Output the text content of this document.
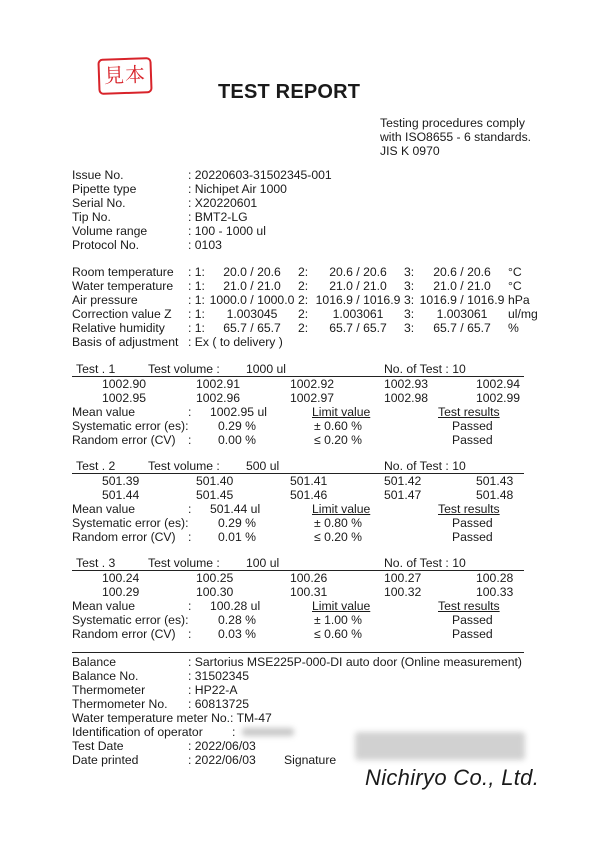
見本
TEST REPORT
Testing procedures comply
with ISO8655 - 6 standards.
JIS K 0970
Issue No.	: 20220603-31502345-001
Pipette type	: Nichipet Air 1000
Serial No.	: X20220601
Tip No.	: BMT2-LG
Volume range	: 100 - 1000 ul
Protocol No.	: 0103
Room temperature : 1:	20.0 / 20.6	2:	20.6 / 20.6	3:	20.6 / 20.6	°C
Water temperature : 1:	21.0 / 21.0	2:	21.0 / 21.0	3:	21.0 / 21.0	°C
Air pressure	: 1: 1000.0 / 1000.0 2: 1016.9 / 1016.9 3: 1016.9 / 1016.9 hPa
Correction value Z : 1:	1.003045	2:	1.003061	3:	1.003061	ul/mg
Relative humidity : 1:	65.7 / 65.7	2:	65.7 / 65.7	3:	65.7 / 65.7	%
Basis of adjustment : Ex ( to delivery )
Test . 1	Test volume : 1000 ul	No. of Test : 10
1002.90	1002.91	1002.92	1002.93	1002.94
1002.95	1002.96	1002.97	1002.98	1002.99
Mean value	: 1002.95 ul	Limit value	Test results
Systematic error (es): 0.29 %	± 0.60 %	Passed
Random error (CV) : 0.00 %	≤ 0.20 %	Passed
Test . 2	Test volume : 500 ul	No. of Test : 10
501.39	501.40	501.41	501.42	501.43
501.44	501.45	501.46	501.47	501.48
Mean value	: 501.44 ul	Limit value	Test results
Systematic error (es): 0.29 %	± 0.80 %	Passed
Random error (CV) : 0.01 %	≤ 0.20 %	Passed
Test . 3	Test volume : 100 ul	No. of Test : 10
100.24	100.25	100.26	100.27	100.28
100.29	100.30	100.31	100.32	100.33
Mean value	: 100.28 ul	Limit value	Test results
Systematic error (es): 0.28 %	± 1.00 %	Passed
Random error (CV) : 0.03 %	≤ 0.60 %	Passed
Balance	: Sartorius MSE225P-000-DI auto door (Online measurement)
Balance No.	: 31502345
Thermometer	: HP22-A
Thermometer No. : 60813725
Water temperature meter No.: TM-47
Identification of operator :
Test Date	: 2022/06/03
Date printed	: 2022/06/03 Signature
Nichiryo Co., Ltd.
